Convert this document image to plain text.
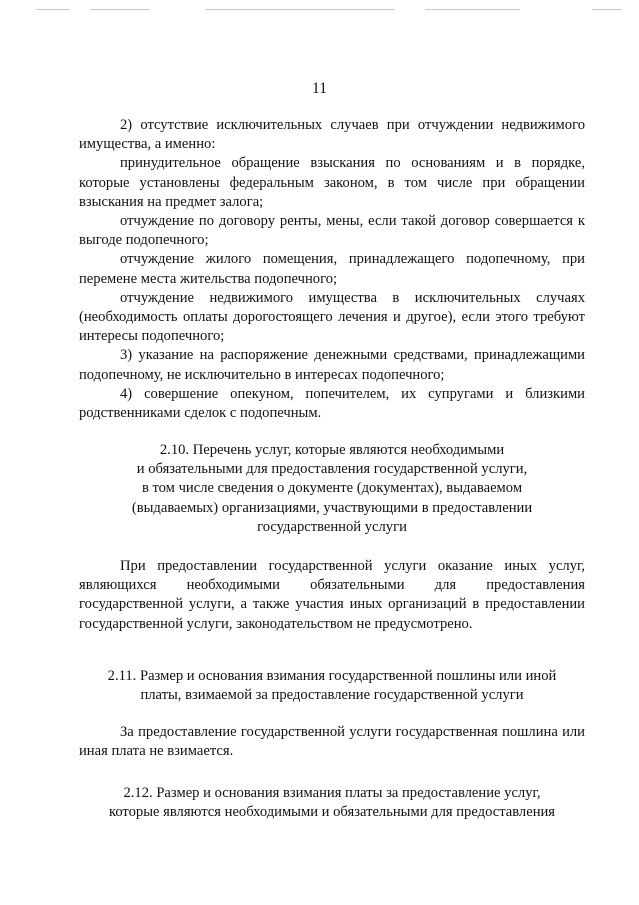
11

2) отсутствие исключительных случаев при отчуждении недвижимого имущества, а именно:

принудительное обращение взыскания по основаниям и в порядке, которые установлены федеральным законом, в том числе при обращении взыскания на предмет залога;

отчуждение по договору ренты, мены, если такой договор совершается к выгоде подопечного;

отчуждение жилого помещения, принадлежащего подопечному, при перемене места жительства подопечного;

отчуждение недвижимого имущества в исключительных случаях (необходимость оплаты дорогостоящего лечения и другое), если этого требуют интересы подопечного;

3) указание на распоряжение денежными средствами, принадлежащими подопечному, не исключительно в интересах подопечного;

4) совершение опекуном, попечителем, их супругами и близкими родственниками сделок с подопечным.

2.10. Перечень услуг, которые являются необходимыми

и обязательными для предоставления государственной услуги,

в том числе сведения о документе (документах), выдаваемом

(выдаваемых) организациями, участвующими в предоставлении

государственной услуги

При предоставлении государственной услуги оказание иных услуг, являющихся необходимыми обязательными для предоставления государственной услуги, а также участия иных организаций в предоставлении государственной услуги, законодательством не предусмотрено.

2.11. Размер и основания взимания государственной пошлины или иной

платы, взимаемой за предоставление государственной услуги

За предоставление государственной услуги государственная пошлина или иная плата не взимается.

2.12. Размер и основания взимания платы за предоставление услуг,

которые являются необходимыми и обязательными для предоставления
